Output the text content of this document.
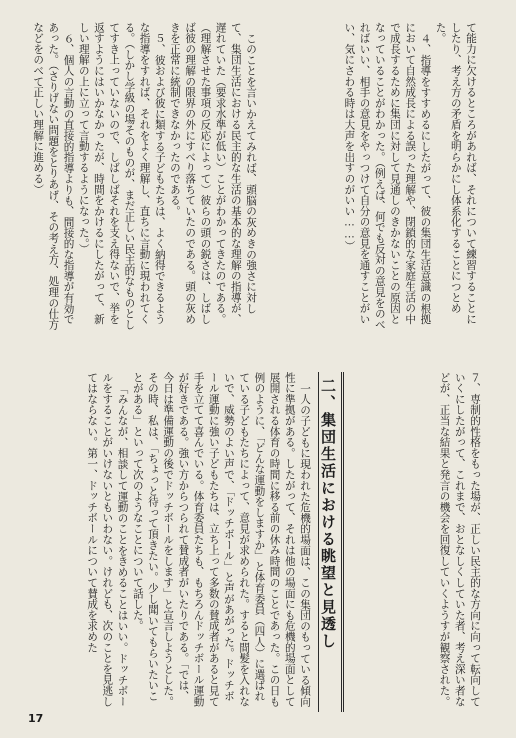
て能力に欠けるところがあれば、それについて練習することにしたり、考え方の矛盾を明らかにし体系化することにつとめた。

４、指導をすすめるにしたがって、彼の集団生活意識の根拠において自然成長による誤った理解や、閉鎖的な家庭生活の中で成長するために集団に対して見通しのきかないことの原因となっていることがわかった。（例えば、何でも反対の意見をのべればいい、相手の意見をやっつけて自分の意見を通すことがいい、気にさわる時は大声を出すのがいい……）

このことを言いかえてみれば、頭脳の灰めきの強さに対して、集団生活における民主的な生活の基本的な理解の指導が、遅れていた（要求水準が低い）ことがわかってきたのである。（理解させた事項の反応によって）彼らの頭の鋭さは、しばしば彼の理解の限界の外にすべり落ちていたのである。頭の灰めきを正常に統制できなかったのである。

５、彼および彼に類する子どもたちは、よく納得できるような指導をすれば、それをよく理解し、直ちに言動に現われてくる。（しかし学級の場そのものが、まだ正しい民主的なものとしてすき上っていないので、しばしばそれを支え得ないで、挙を返すようにはいかなかったが、時間をかけるにしたがって、新しい理解の上に立って言動するようになった。）

６、個人の言動の直接的指導よりも、間接的な指導が有効であった。（さりげない問題をとりあげ、その考え方、処理の仕方などをのべて正しい理解に進める）

７、専制的性格をもった場が、正しい民主的な方向に向って転向していくにしたがって、これまで、おとなしくしていた者、考え深い者などが、正当な結果と発言の機会を回復していくようすが観察された。

二、集団生活における眺望と見透し

一人の子どもに現われた危機的場面は、この集団のもっている傾向性に準拠がある。したがって、それは他の場面にも危機的場面として展開される体育の時間に移る前の休み時間のことであった。この日も例のように、「どんな運動をしますか」と体育委員（四人）に選ばれている子どもたちによって、意見が求められた。すると間髪を入れないで、威勢のよい声で、「ドッチボール」と声があがった。ドッチボール運動に強い子どもたちは、立ち上って多数の賛成者があると見て手を立てて喜んでいる。体育委員たちも、もちろんドッチボール運動が好きである。強い方からつられて賛成者がいたりである。「では、今日は準備運動の後でドッチボールをします」と宣言しようとした。その時、私は、「ちょっと待って頂きたい。少し聞いてもらいたいことがある」といって次のようなことについて話した。

「みんなが、相談して運動のことをきめることはいい。ドッチボールをすることがいけないともいわない。けれども、次のことを見逃してはならない。第一、ドッチボールについて賛成を求めた

17
